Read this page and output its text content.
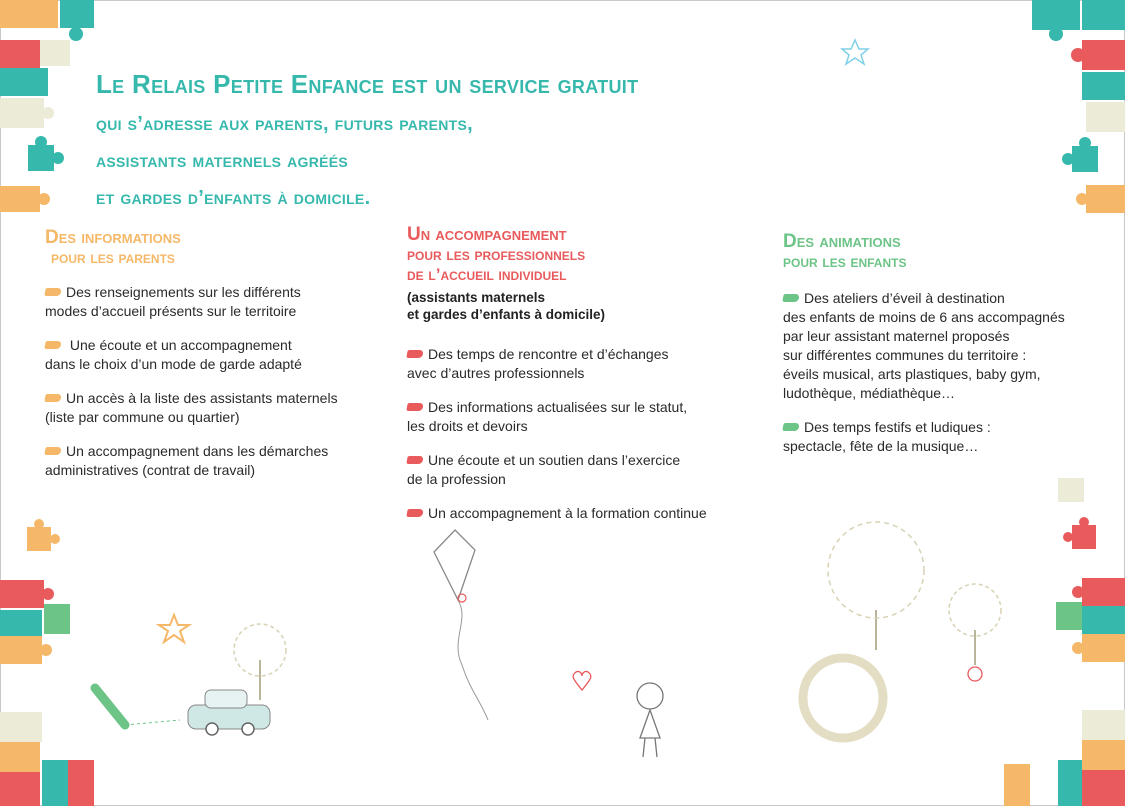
Le Relais Petite Enfance est un service gratuit
qui s’adresse aux parents, futurs parents,
assistants maternels agréés
et gardes d’enfants à domicile.
Des informations
pour les parents
Des renseignements sur les différents
modes d’accueil présents sur le territoire
Une écoute et un accompagnement
dans le choix d’un mode de garde adapté
Un accès à la liste des assistants maternels
(liste par commune ou quartier)
Un accompagnement dans les démarches
administratives (contrat de travail)
Un accompagnement
pour les professionnels
de l’accueil individuel
(assistants maternels
et gardes d’enfants à domicile)
Des temps de rencontre et d’échanges
avec d’autres professionnels
Des informations actualisées sur le statut,
les droits et devoirs
Une écoute et un soutien dans l’exercice
de la profession
Un accompagnement à la formation continue
Des animations
pour les enfants
Des ateliers d’éveil à destination
des enfants de moins de 6 ans accompagnés
par leur assistant maternel proposés
sur différentes communes du territoire :
éveils musical, arts plastiques, baby gym,
ludothèque, médiathèque…
Des temps festifs et ludiques :
spectacle, fête de la musique…
